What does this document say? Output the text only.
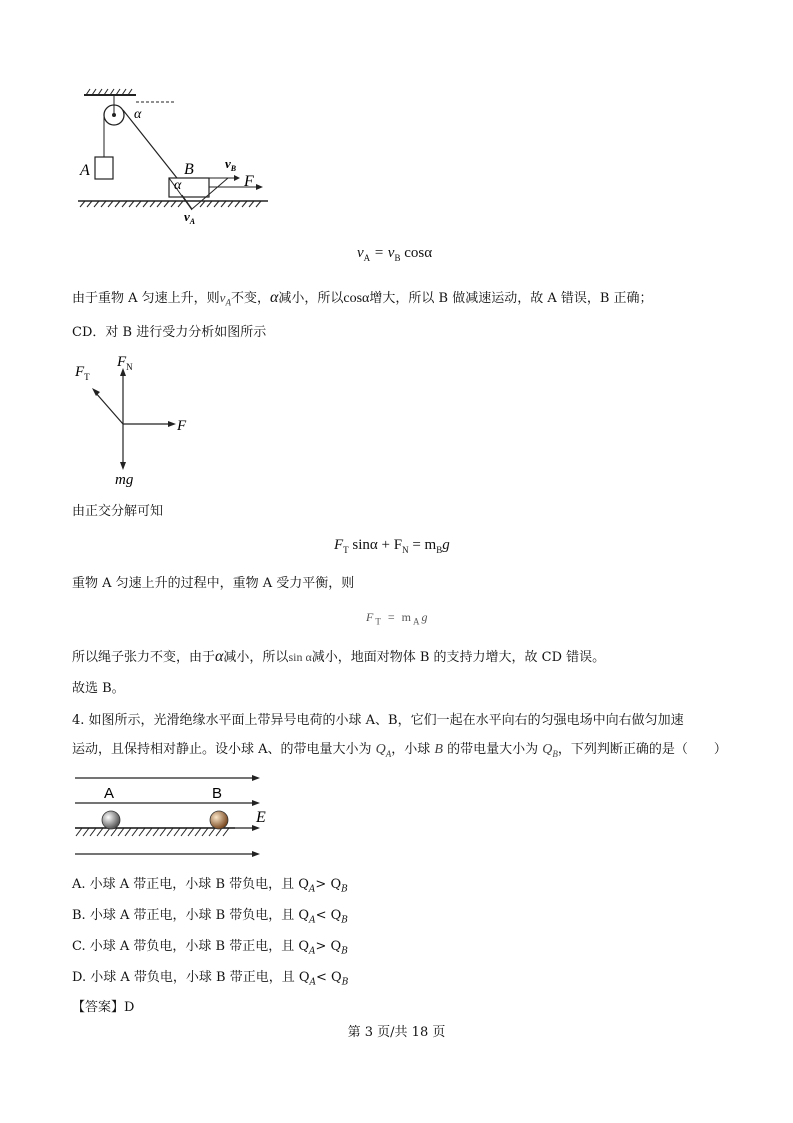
α
A	B $v_B$
F
α
$v_A$
$v_A = v_B$ cosα
由于重物 A 匀速上升，则$v_A$不变，α减小，所以cosα增大，所以 B 做减速运动，故 A 错误，B 正确；
CD．对 B 进行受力分析如图所示
$F_T$
$F_N$
F
mg
由正交分解可知
$F_T$ $\sin\alpha + F_N = m_Bg$
重物 A 匀速上升的过程中，重物 A 受力平衡，则
$F_T = m_Ag$
所以绳子张力不变，由于α减小，所以sin α减小，地面对物体 B 的支持力增大，故 CD 错误。
故选 B。
4. 如图所示，光滑绝缘水平面上带异号电荷的小球 A、B，它们一起在水平向右的匀强电场中向右做匀加速
运动，且保持相对静止。设小球 A、的带电量大小为 $Q_A$，小球 B 的带电量大小为 $Q_B$，下列判断正确的是（　　）
A	B
E
A. 小球 A 带正电，小球 B 带负电，且 $Q_A> Q_B$
B. 小球 A 带正电，小球 B 带负电，且 $Q_A< Q_B$
C. 小球 A 带负电，小球 B 带正电，且 $Q_A> Q_B$
D. 小球 A 带负电，小球 B 带正电，且 $Q_A< Q_B$
【答案】D
第 3 页/共 18 页
